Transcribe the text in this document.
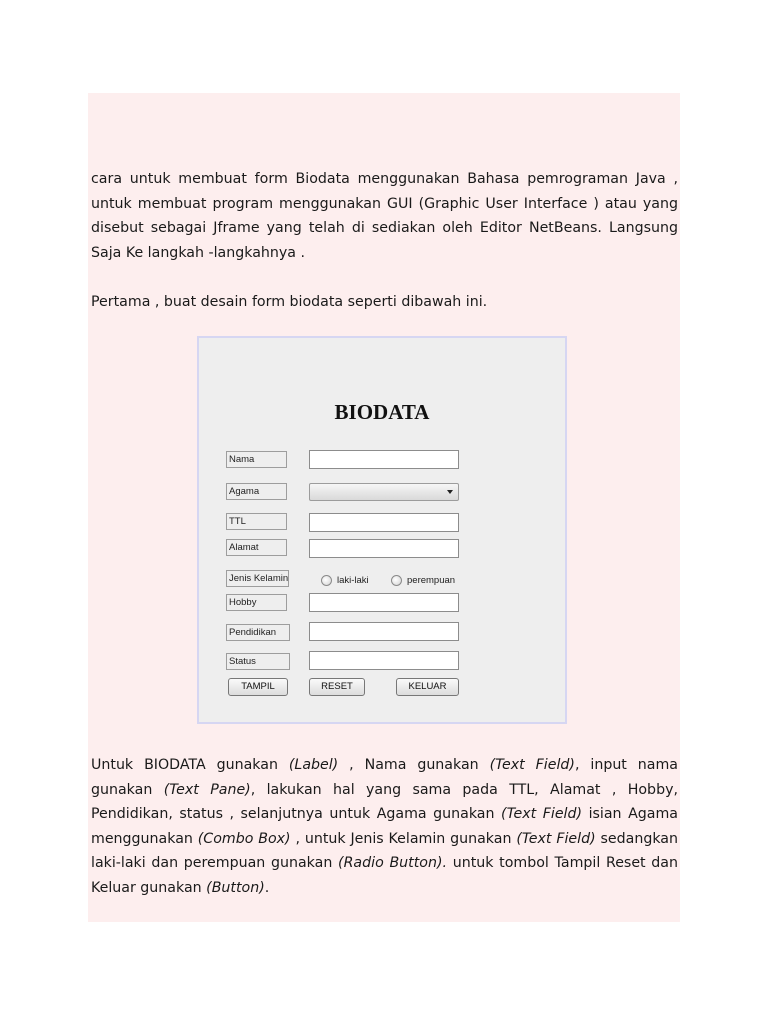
cara untuk membuat form Biodata menggunakan Bahasa pemrograman Java , untuk membuat program menggunakan GUI (Graphic User Interface ) atau yang disebut sebagai Jframe yang telah di sediakan oleh Editor NetBeans. Langsung Saja Ke langkah -langkahnya .

Pertama , buat desain form biodata seperti dibawah ini.

BIODATA
Nama
Agama
TTL
Alamat
Jenis Kelamin	laki-laki	perempuan
Hobby
Pendidikan
Status
TAMPIL	RESET	KELUAR

Untuk BIODATA gunakan (Label) , Nama gunakan (Text Field), input nama gunakan (Text Pane), lakukan hal yang sama pada TTL, Alamat , Hobby, Pendidikan, status , selanjutnya untuk Agama gunakan (Text Field) isian Agama menggunakan (Combo Box) , untuk Jenis Kelamin gunakan (Text Field) sedangkan laki-laki dan perempuan gunakan (Radio Button). untuk tombol Tampil Reset dan Keluar gunakan (Button).
